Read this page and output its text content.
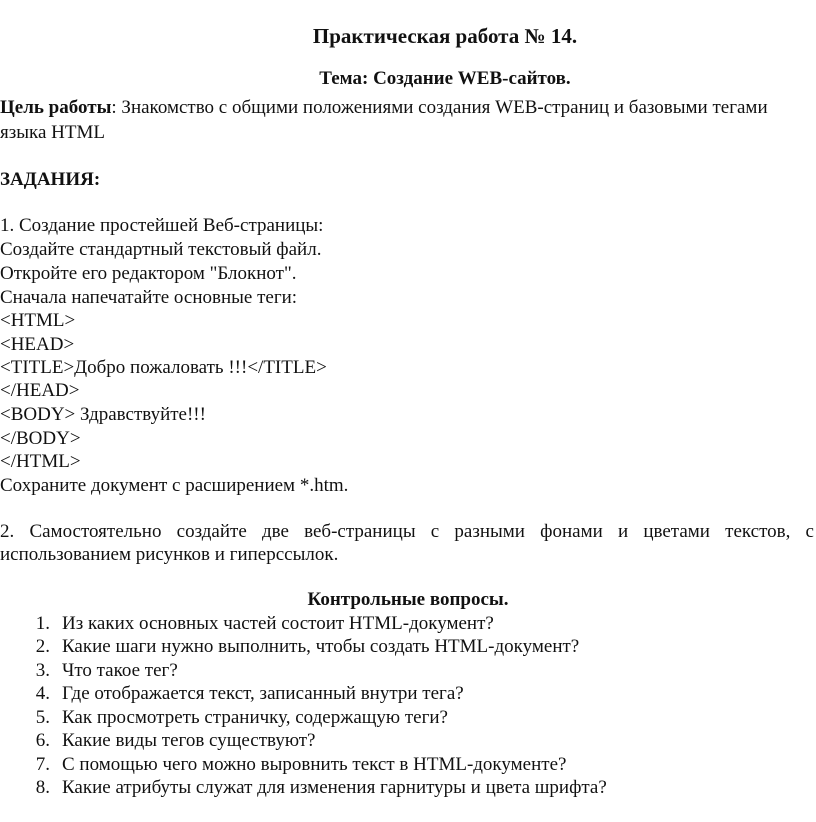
Практическая работа № 14.
Тема: Создание WEB-сайтов.
Цель работы: Знакомство с общими положениями создания WEB-страниц и базовыми тегами
языка HTML
ЗАДАНИЯ:
1. Создание простейшей Веб-страницы:
Создайте стандартный текстовый файл.
Откройте его редактором "Блокнот".
Сначала напечатайте основные теги:
<HTML>
<HEAD>
<TITLE>Добро пожаловать !!!</TITLE>
</HEAD>
<BODY> Здравствуйте!!!
</BODY>
</HTML>
Сохраните документ с расширением *.htm.
2. Самостоятельно создайте две веб-страницы с разными фонами и цветами текстов, с
использованием рисунков и гиперссылок.
Контрольные вопросы.
1. Из каких основных частей состоит HTML-документ?
2. Какие шаги нужно выполнить, чтобы создать HTML-документ?
3. Что такое тег?
4. Где отображается текст, записанный внутри тега?
5. Как просмотреть страничку, содержащую теги?
6. Какие виды тегов существуют?
7. С помощью чего можно выровнить текст в HTML-документе?
8. Какие атрибуты служат для изменения гарнитуры и цвета шрифта?
